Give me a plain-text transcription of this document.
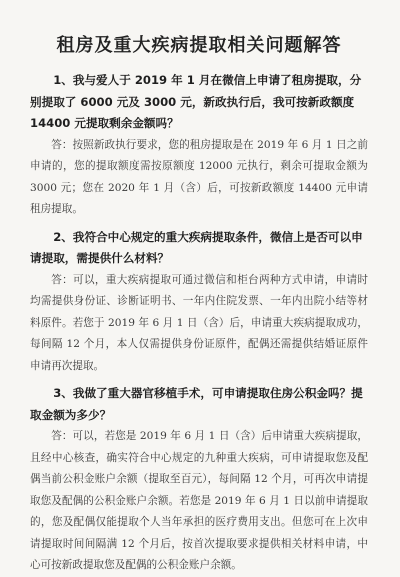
租房及重大疾病提取相关问题解答

1、我与爱人于 2019 年 1 月在微信上申请了租房提取，分别提取了 6000 元及 3000 元，新政执行后，我可按新政额度 14400 元提取剩余金额吗？

答：按照新政执行要求，您的租房提取是在 2019 年 6 月 1 日之前申请的，您的提取额度需按原额度 12000 元执行，剩余可提取金额为 3000 元；您在 2020 年 1 月（含）后，可按新政额度 14400 元申请租房提取。

2、我符合中心规定的重大疾病提取条件，微信上是否可以申请提取，需提供什么材料？

答：可以，重大疾病提取可通过微信和柜台两种方式申请，申请时均需提供身份证、诊断证明书、一年内住院发票、一年内出院小结等材料原件。若您于 2019 年 6 月 1 日（含）后，申请重大疾病提取成功，每间隔 12 个月，本人仅需提供身份证原件，配偶还需提供结婚证原件申请再次提取。

3、我做了重大器官移植手术，可申请提取住房公积金吗？提取金额为多少？

答：可以，若您是 2019 年 6 月 1 日（含）后申请重大疾病提取，且经中心核查，确实符合中心规定的九种重大疾病，可申请提取您及配偶当前公积金账户余额（提取至百元），每间隔 12 个月，可再次申请提取您及配偶的公积金账户余额。若您是 2019 年 6 月 1 日以前申请提取的，您及配偶仅能提取个人当年承担的医疗费用支出。但您可在上次申请提取时间间隔满 12 个月后，按首次提取要求提供相关材料申请，中心可按新政提取您及配偶的公积金账户余额。
